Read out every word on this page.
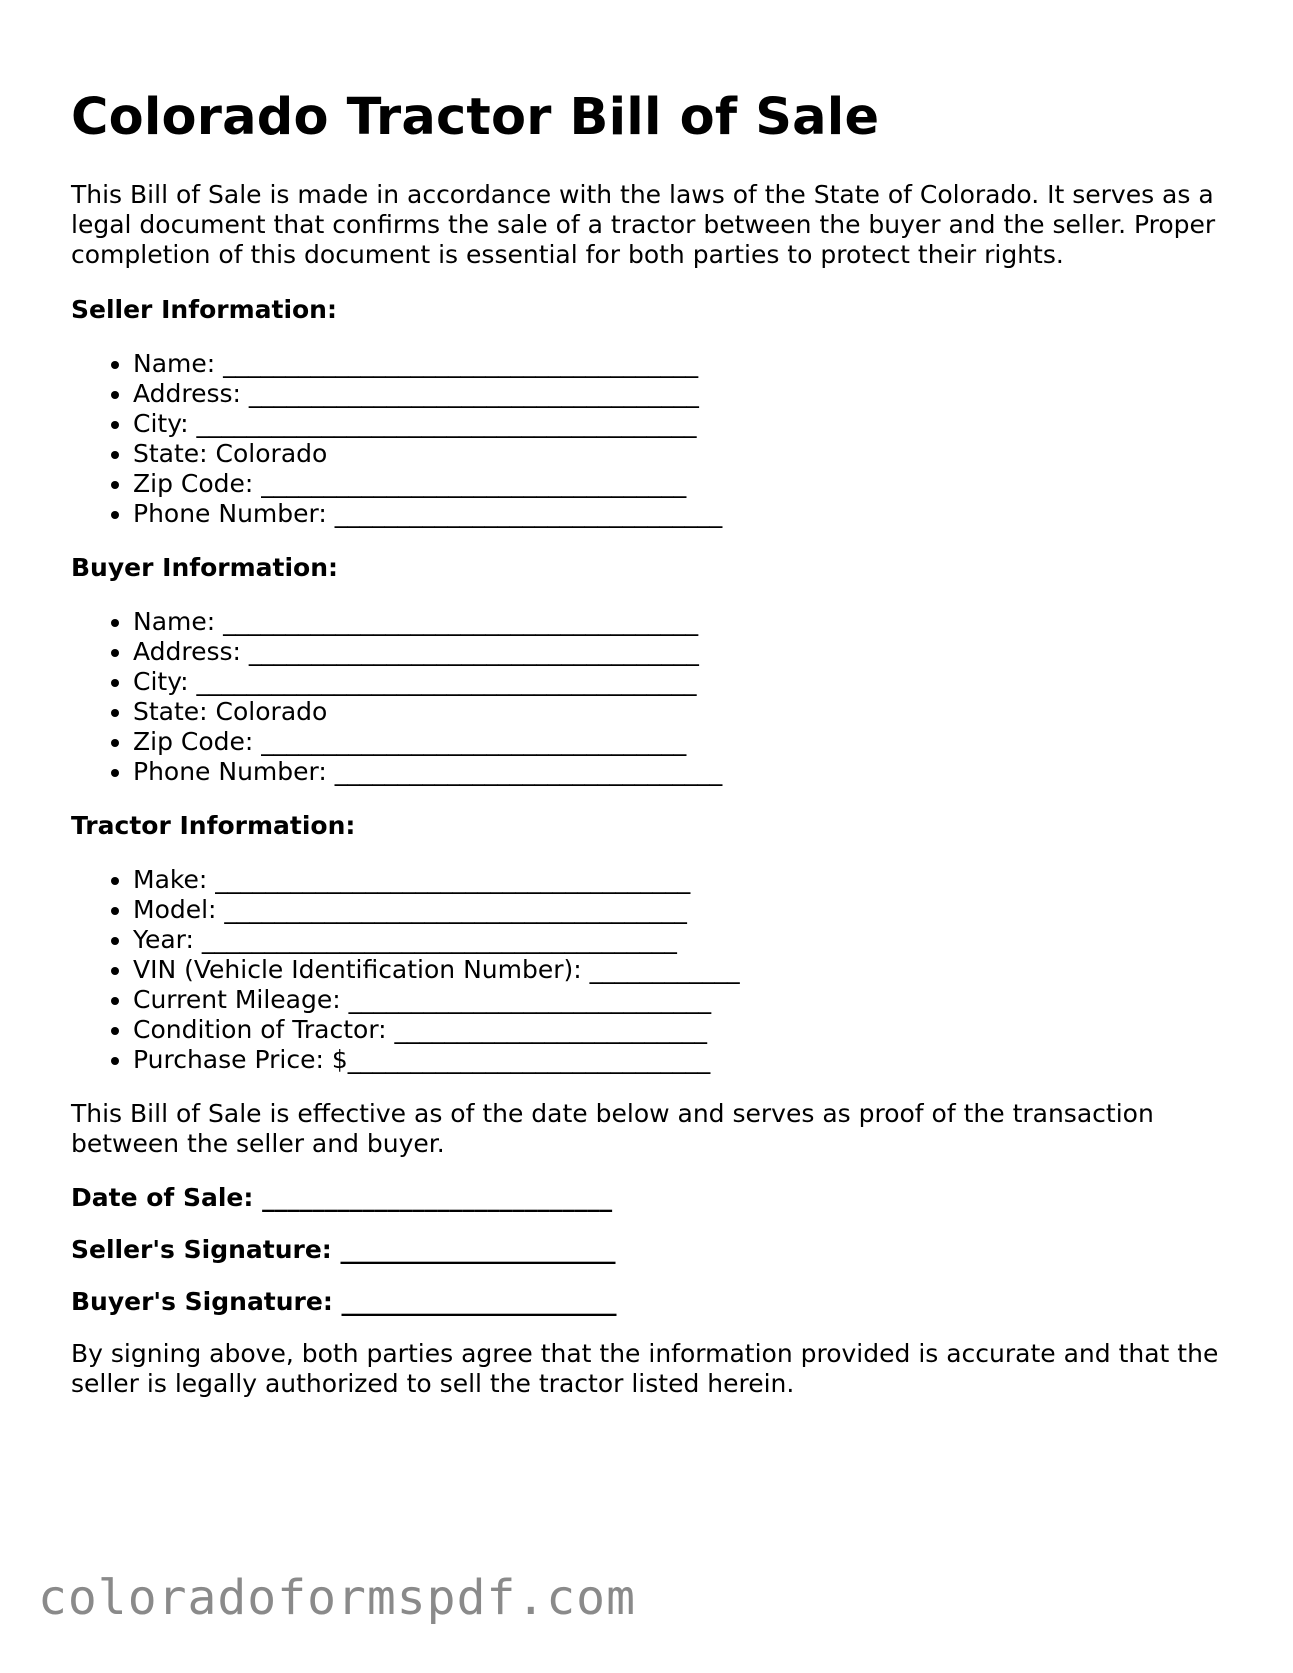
Colorado Tractor Bill of Sale

This Bill of Sale is made in accordance with the laws of the State of Colorado. It serves as a legal document that confirms the sale of a tractor between the buyer and the seller. Proper completion of this document is essential for both parties to protect their rights.

Seller Information:
• Name: ______________________________________
• Address: ____________________________________
• City: ________________________________________
• State: Colorado
• Zip Code: __________________________________
• Phone Number: _______________________________
Buyer Information:
• Name: ______________________________________
• Address: ____________________________________
• City: ________________________________________
• State: Colorado
• Zip Code: __________________________________
• Phone Number: _______________________________
Tractor Information:
• Make: ______________________________________
• Model: _____________________________________
• Year: ______________________________________
• VIN (Vehicle Identification Number): ____________
• Current Mileage: _____________________________
• Condition of Tractor: _________________________
• Purchase Price: $_____________________________

This Bill of Sale is effective as of the date below and serves as proof of the transaction between the seller and buyer.

Date of Sale: ____________________________
Seller's Signature: ______________________
Buyer's Signature: ______________________

By signing above, both parties agree that the information provided is accurate and that the seller is legally authorized to sell the tractor listed herein.

coloradoformspdf.com
